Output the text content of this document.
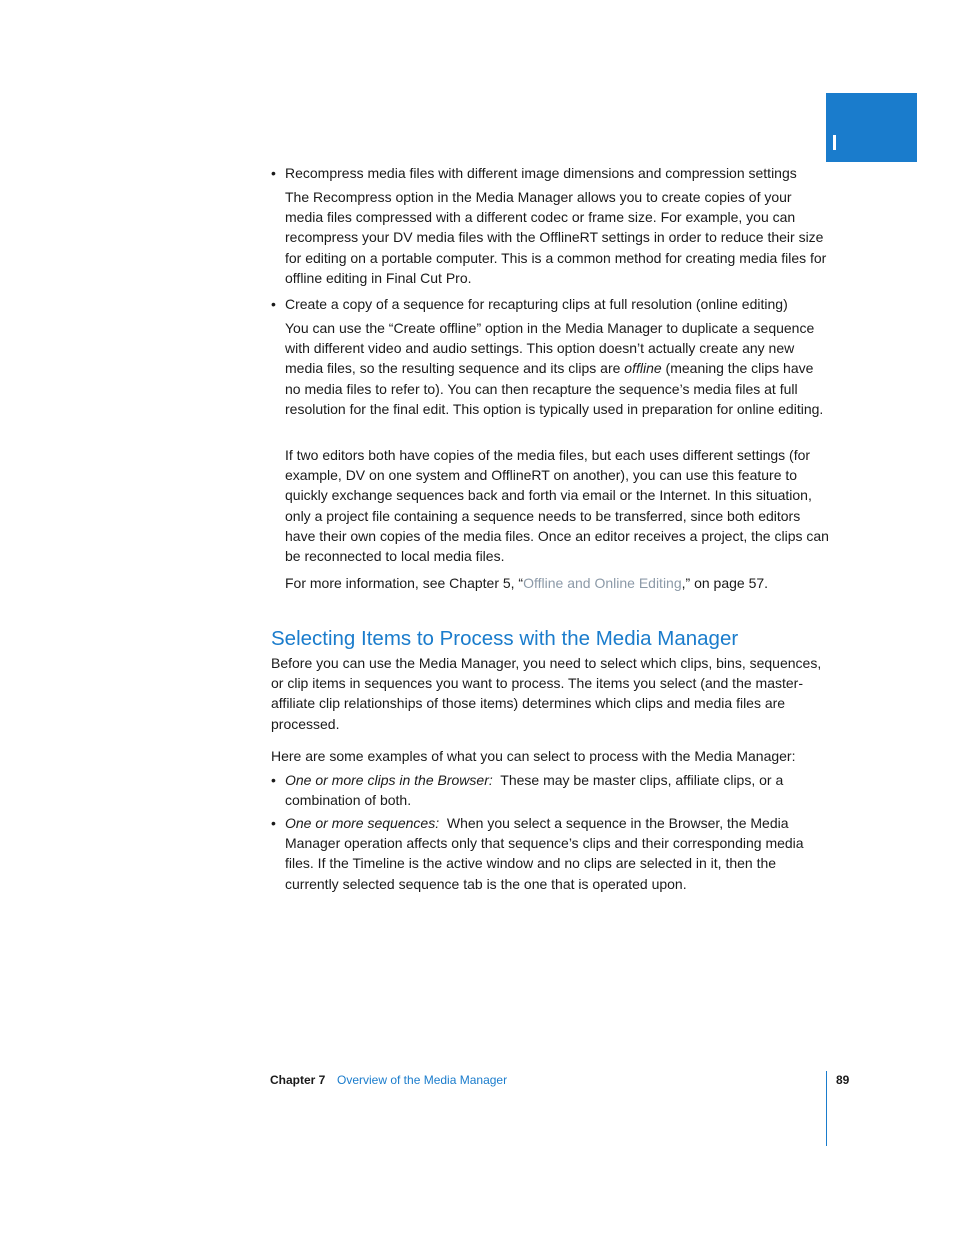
• Recompress media files with different image dimensions and compression settings

The Recompress option in the Media Manager allows you to create copies of your media files compressed with a different codec or frame size. For example, you can recompress your DV media files with the OfflineRT settings in order to reduce their size for editing on a portable computer. This is a common method for creating media files for offline editing in Final Cut Pro.

• Create a copy of a sequence for recapturing clips at full resolution (online editing)

You can use the “Create offline” option in the Media Manager to duplicate a sequence with different video and audio settings. This option doesn’t actually create any new media files, so the resulting sequence and its clips are offline (meaning the clips have no media files to refer to). You can then recapture the sequence’s media files at full resolution for the final edit. This option is typically used in preparation for online editing.

If two editors both have copies of the media files, but each uses different settings (for example, DV on one system and OfflineRT on another), you can use this feature to quickly exchange sequences back and forth via email or the Internet. In this situation, only a project file containing a sequence needs to be transferred, since both editors have their own copies of the media files. Once an editor receives a project, the clips can be reconnected to local media files.

For more information, see Chapter 5, “Offline and Online Editing,” on page 57.

Selecting Items to Process with the Media Manager

Before you can use the Media Manager, you need to select which clips, bins, sequences, or clip items in sequences you want to process. The items you select (and the master-affiliate clip relationships of those items) determines which clips and media files are processed.

Here are some examples of what you can select to process with the Media Manager:

• One or more clips in the Browser: These may be master clips, affiliate clips, or a combination of both.
• One or more sequences: When you select a sequence in the Browser, the Media Manager operation affects only that sequence’s clips and their corresponding media files. If the Timeline is the active window and no clips are selected in it, then the currently selected sequence tab is the one that is operated upon.
Chapter 7 Overview of the Media Manager	89
